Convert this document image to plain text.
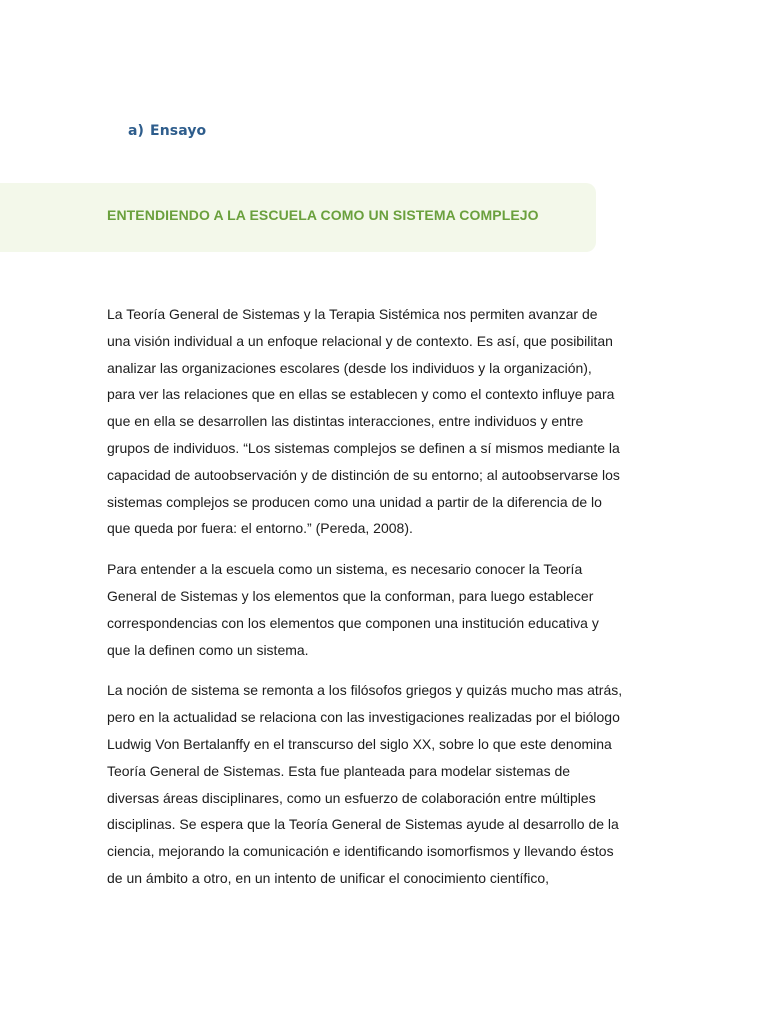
a) Ensayo
ENTENDIENDO A LA ESCUELA COMO UN SISTEMA COMPLEJO

La Teoría General de Sistemas y la Terapia Sistémica nos permiten avanzar de
una visión individual a un enfoque relacional y de contexto. Es así, que posibilitan
analizar las organizaciones escolares (desde los individuos y la organización),
para ver las relaciones que en ellas se establecen y como el contexto influye para
que en ella se desarrollen las distintas interacciones, entre individuos y entre
grupos de individuos. “Los sistemas complejos se definen a sí mismos mediante la
capacidad de autoobservación y de distinción de su entorno; al autoobservarse los
sistemas complejos se producen como una unidad a partir de la diferencia de lo
que queda por fuera: el entorno.” (Pereda, 2008).

Para entender a la escuela como un sistema, es necesario conocer la Teoría
General de Sistemas y los elementos que la conforman, para luego establecer
correspondencias con los elementos que componen una institución educativa y
que la definen como un sistema.

La noción de sistema se remonta a los filósofos griegos y quizás mucho mas atrás,
pero en la actualidad se relaciona con las investigaciones realizadas por el biólogo
Ludwig Von Bertalanffy en el transcurso del siglo XX, sobre lo que este denomina
Teoría General de Sistemas. Esta fue planteada para modelar sistemas de
diversas áreas disciplinares, como un esfuerzo de colaboración entre múltiples
disciplinas. Se espera que la Teoría General de Sistemas ayude al desarrollo de la
ciencia, mejorando la comunicación e identificando isomorfismos y llevando éstos
de un ámbito a otro, en un intento de unificar el conocimiento científico,
